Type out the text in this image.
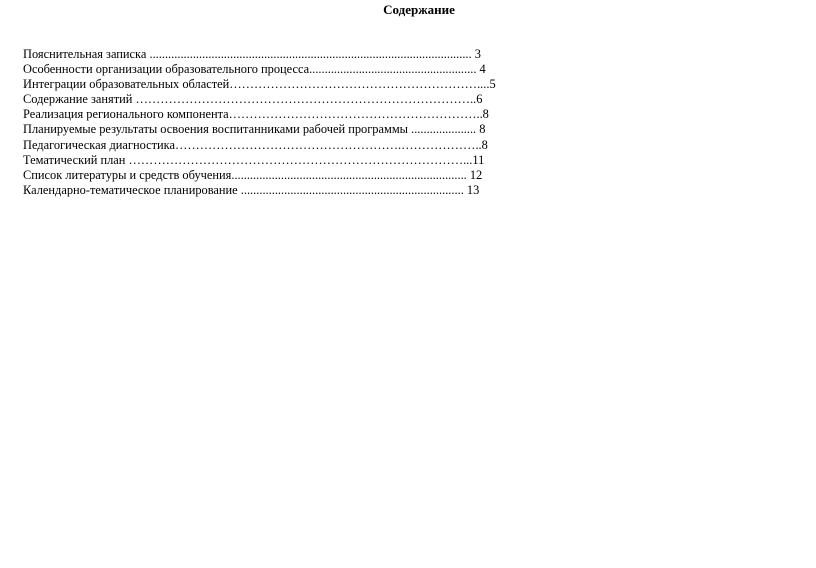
Содержание
Пояснительная записка ........................................................................................................ 3
Особенности организации образовательного процесса...................................................... 4
Интеграции образовательных областей……………………………………………………....5
Содержание занятий ………………………………………………………………………..6
Реализация регионального компонента……………………………………………………..8
Планируемые результаты освоения воспитанниками рабочей программы ..................... 8
Педагогическая диагностика……………………………………………….………………..8
Тематический план ………………………………………………………………………...11
Список литературы и средств обучения............................................................................ 12
Календарно-тематическое планирование ........................................................................ 13
